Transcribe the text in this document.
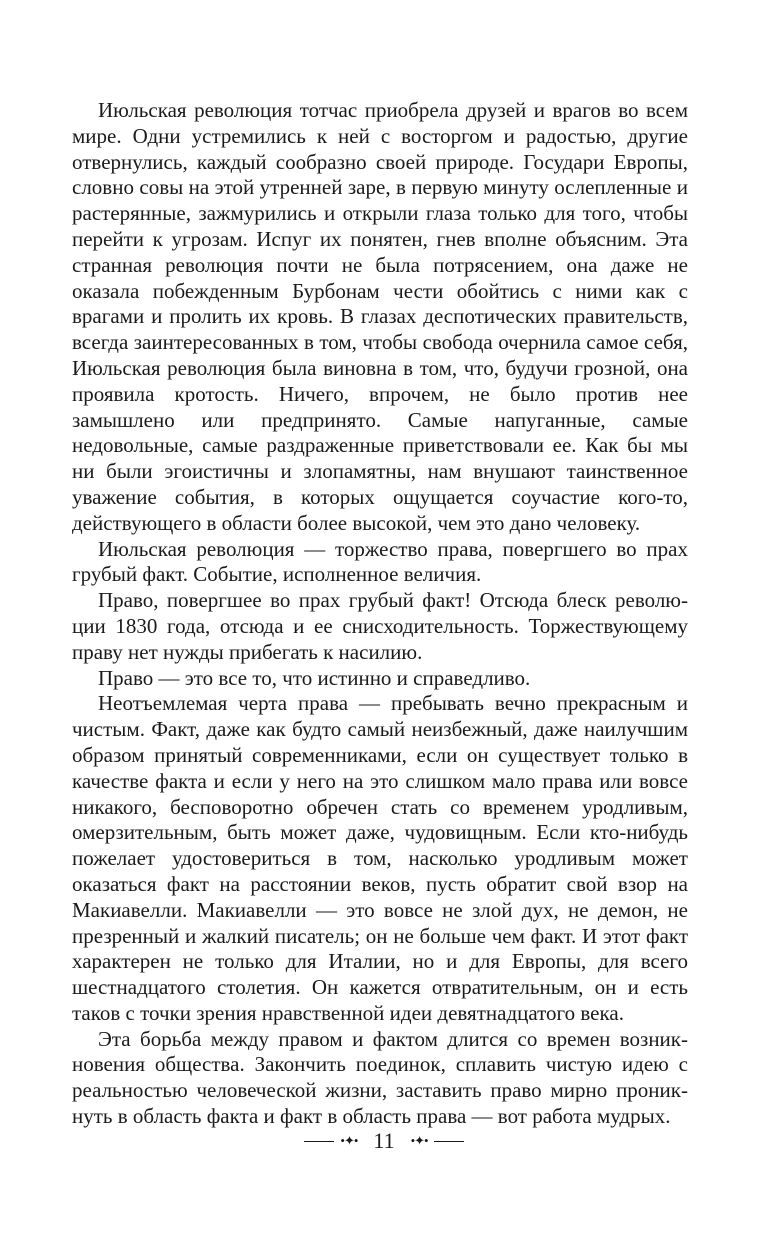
Июльская революция тотчас приобрела друзей и врагов во всем мире. Одни устремились к ней с восторгом и радостью, другие отвернулись, каждый сообразно своей природе. Государи Европы, словно совы на этой утренней заре, в первую минуту ослепленные и растерянные, зажмурились и открыли глаза только для того, чтобы перейти к угрозам. Испуг их понятен, гнев вполне объясним. Эта странная революция почти не была потрясением, она даже не оказала побежденным Бурбонам чести обойтись с ними как с врагами и пролить их кровь. В глазах деспотических правительств, всегда заинтересованных в том, чтобы свобода очернила самое себя, Июльская революция была виновна в том, что, будучи грозной, она проявила кротость. Ничего, впрочем, не было против нее замышлено или предпринято. Самые напуганные, самые недовольные, самые раздраженные приветствовали ее. Как бы мы ни были эгоистичны и злопамятны, нам внушают таинственное уважение события, в которых ощущается соучастие кого-то, действующего в области более высокой, чем это дано человеку.

Июльская революция — торжество права, повергшего во прах грубый факт. Событие, исполненное величия.

Право, повергшее во прах грубый факт! Отсюда блеск революции 1830 года, отсюда и ее снисходительность. Торжествующему праву нет нужды прибегать к насилию.

Право — это все то, что истинно и справедливо.

Неотъемлемая черта права — пребывать вечно прекрасным и чистым. Факт, даже как будто самый неизбежный, даже наилучшим образом принятый современниками, если он существует только в качестве факта и если у него на это слишком мало права или вовсе никакого, бесповоротно обречен стать со временем уродливым, омерзительным, быть может даже, чудовищным. Если кто-нибудь пожелает удостовериться в том, насколько уродливым может оказаться факт на расстоянии веков, пусть обратит свой взор на Макиавелли. Макиавелли — это вовсе не злой дух, не демон, не презренный и жалкий писатель; он не больше чем факт. И этот факт характерен не только для Италии, но и для Европы, для всего шестнадцатого столетия. Он кажется отвратительным, он и есть таков с точки зрения нравственной идеи девятнадцатого века.

Эта борьба между правом и фактом длится со времен возникновения общества. Закончить поединок, сплавить чистую идею с реальностью человеческой жизни, заставить право мирно проникнуть в область факта и факт в область права — вот работа мудрых.

•✦• 11 •✦•
